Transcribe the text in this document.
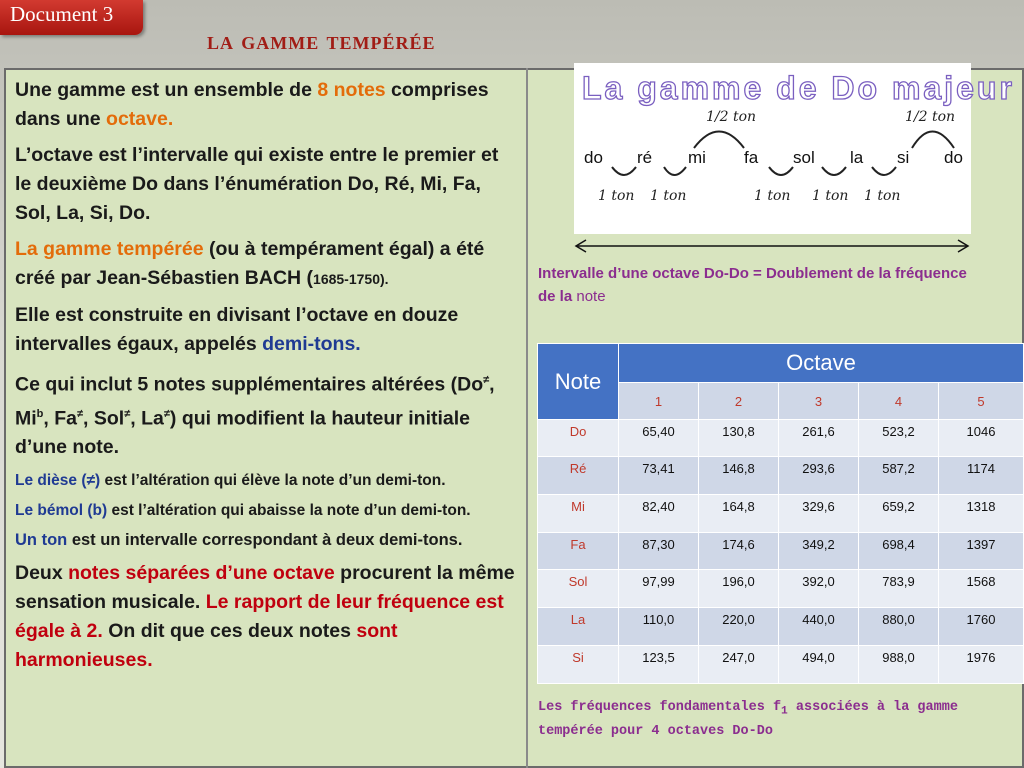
Document 3
la gamme tempérée

Une gamme est un ensemble de 8 notes comprises dans une octave.

L’octave est l’intervalle qui existe entre le premier et le deuxième Do dans l’énumération Do, Ré, Mi, Fa, Sol, La, Si, Do.

La gamme tempérée (ou à tempérament égal) a été créé par Jean-Sébastien BACH (1685-1750).

Elle est construite en divisant l’octave en douze intervalles égaux, appelés demi-tons.

Ce qui inclut 5 notes supplémentaires altérées (Do≠, Mi$^b$, Fa≠, Sol≠, La≠) qui modifient la hauteur initiale d’une note.

Le dièse (≠) est l’altération qui élève la note d’un demi-ton.

Le bémol (b) est l’altération qui abaisse la note d’un demi-ton.

Un ton est un intervalle correspondant à deux demi-tons.

Deux notes séparées d’une octave procurent la même sensation musicale. Le rapport de leur fréquence est égale à 2. On dit que ces deux notes sont harmonieuses.

La gamme de Do majeur
1/2 ton	1/2 ton
do ré mi fa sol la si do
1 ton 1 ton	1 ton 1 ton 1 ton
Intervalle d’une octave Do-Do = Doublement de la fréquence de la note
Note	Octave				
	1	2	3	4	5
Do	65,40	130,8	261,6	523,2	1046
Ré	73,41	146,8	293,6	587,2	1174
Mi	82,40	164,8	329,6	659,2	1318
Fa	87,30	174,6	349,2	698,4	1397
Sol	97,99	196,0	392,0	783,9	1568
La	110,0	220,0	440,0	880,0	1760
Si	123,5	247,0	494,0	988,0	1976
Les fréquences fondamentales $f_1$ associées à la gamme tempérée pour 4 octaves Do-Do
